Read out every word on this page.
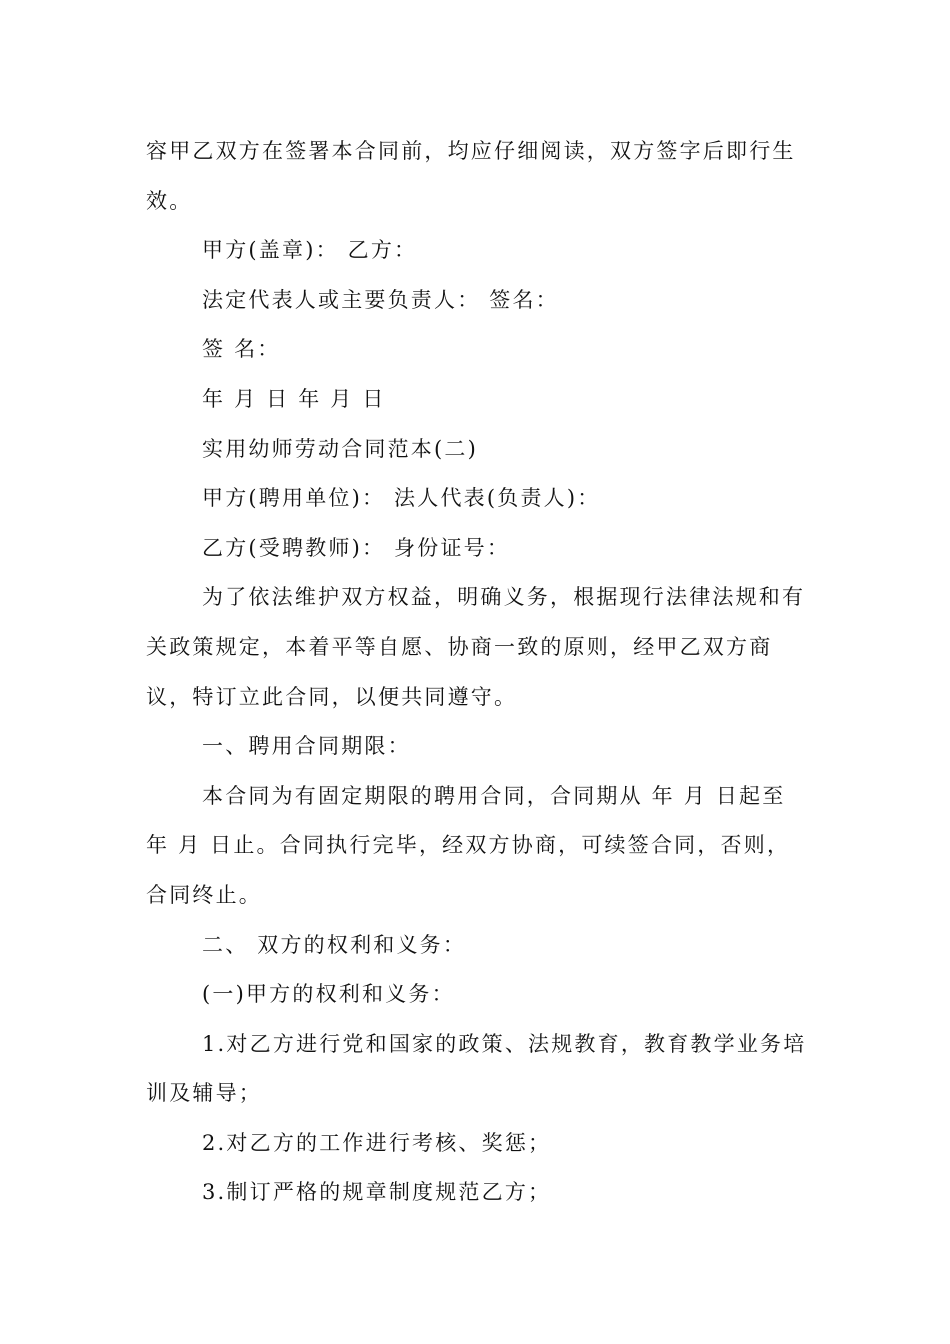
容甲乙双方在签署本合同前，均应仔细阅读，双方签字后即行生效。

甲方(盖章)： 乙方：

法定代表人或主要负责人： 签名：

签 名：

年 月 日 年 月 日

实用幼师劳动合同范本(二)

甲方(聘用单位)： 法人代表(负责人)：

乙方(受聘教师)： 身份证号：

为了依法维护双方权益，明确义务，根据现行法律法规和有关政策规定，本着平等自愿、协商一致的原则，经甲乙双方商议，特订立此合同，以便共同遵守。

一、聘用合同期限：

本合同为有固定期限的聘用合同，合同期从 年 月 日起至 年 月 日止。合同执行完毕，经双方协商，可续签合同，否则，合同终止。

二、 双方的权利和义务：

(一)甲方的权利和义务：

1.对乙方进行党和国家的政策、法规教育，教育教学业务培训及辅导；

2.对乙方的工作进行考核、奖惩；

3.制订严格的规章制度规范乙方；
